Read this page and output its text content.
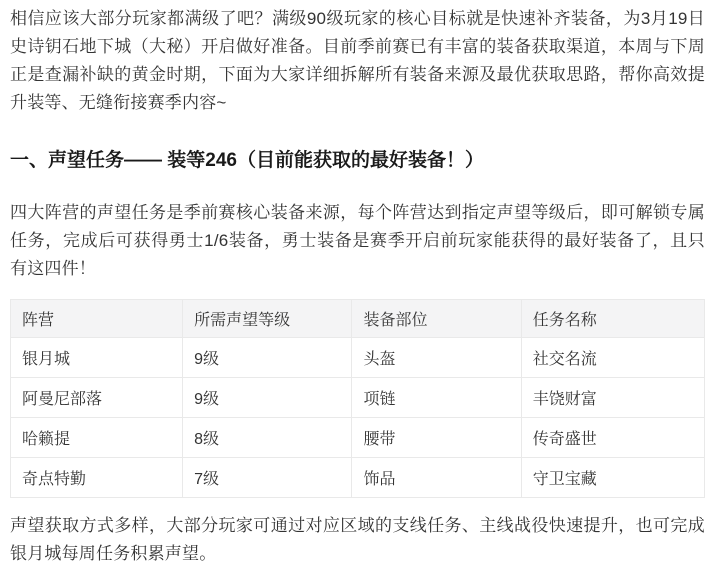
相信应该大部分玩家都满级了吧？满级90级玩家的核心目标就是快速补齐装备，为3月19日史诗钥石地下城（大秘）开启做好准备。目前季前赛已有丰富的装备获取渠道，本周与下周正是查漏补缺的黄金时期，下面为大家详细拆解所有装备来源及最优获取思路，帮你高效提升装等、无缝衔接赛季内容~

一、声望任务—— 装等246（目前能获取的最好装备！）

四大阵营的声望任务是季前赛核心装备来源，每个阵营达到指定声望等级后，即可解锁专属任务，完成后可获得勇士1/6装备，勇士装备是赛季开启前玩家能获得的最好装备了，且只有这四件！

阵营	所需声望等级	装备部位	任务名称
银月城	9级	头盔	社交名流
阿曼尼部落	9级	项链	丰饶财富
哈籁提	8级	腰带	传奇盛世
奇点特勤	7级	饰品	守卫宝藏

声望获取方式多样，大部分玩家可通过对应区域的支线任务、主线战役快速提升，也可完成银月城每周任务积累声望。
